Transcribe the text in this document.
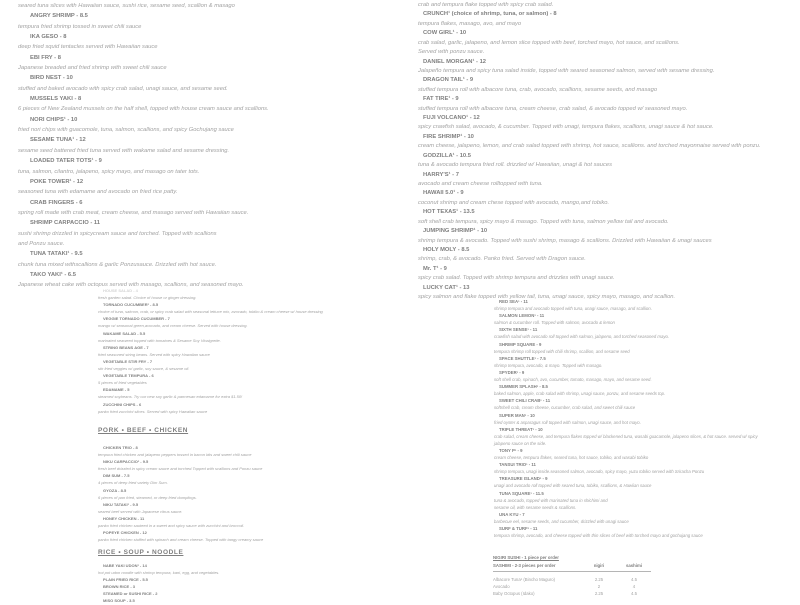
seared tuna slices with Hawaiian sauce, sushi rice, sesame seed, scallion & masago
ANGRY SHRIMP - 8.5
tempura fried shrimp tossed in sweet chili sauce
IKA GESO - 8
deep fried squid tentacles served with Hawaiian sauce
EBI FRY - 8
Japanese breaded and fried shrimp with sweet chili sauce
BIRD NEST - 10
stuffed and baked avocado with spicy crab salad, unagi sauce, and sesame seed.
MUSSELS YAKI - 8
6 pieces of New Zealand mussels on the half shell, topped with house cream sauce and scallions.
NORI CHIPS¹ - 10
fried nori chips with guacomole, tuna, salmon, scallions, and spicy Gochujang sauce
SESAME TUNA¹ - 12
sesame seed battered fried tuna served with wakame salad and sesame dressing.
LOADED TATER TOTS¹ - 9
tuna, salmon, cilantro, jalapeno, spicy mayo, and masago on tater tots.
POKE TOWER¹ - 12
seasoned tuna with edamame and avocado on fried rice patty.
CRAB FINGERS - 6
spring roll made with crab meat, cream cheese, and masago served with Hawaiian sauce.
SHRIMP CARPACCIO - 11
sushi shrimp drizzled in spicycream sauce and torched. Topped with scallions
and Ponzu sauce.
TUNA TATAKI¹ - 9.5
chunk tuna mixed withscallions & garlic Ponzusauce. Drizzled with hot sauce.
TAKO YAKI¹ - 6.5
Japanese wheat cake with octopus served with masago, scallions, and seasoned mayo.
HOUSE SALAD - 4
fresh garden salad. Choice of house or ginger dressing.
TORNADO CUCUMBER¹ - 8.5
choice of tuna, salmon, crab, or spicy crab salad with seasonal lettuce mix, avocado, tobiko & cream cheese w/ house dressing
VEGGIE TORNADO CUCUMBER - 7
mango w/ seasonal green,avocado, and cream cheese. Served with house dressing.
WAKAME SALAD - 5.5
marinated seaweed topped with tomatoes & Sesame Soy Vinaigrette.
STRING BEANS AGE - 7
fried seasoned string beans. Served with spicy Hawaiian sauce
VEGETABLE STIR FRY - 7
stir fried veggies w/ garlic, soy sauce, & sesame oil.
VEGETABLE TEMPURA - 6
5 pieces of fried vegetables
EDAMAME - 5
steamed soybeans. Try our new soy garlic & parmesan edamame for extra $1.50!
ZUCCHINI CHIPS - 6
panko fried zucchini slices. Served with spicy Hawaiian sauce
PORK • BEEF • CHICKEN
CHICKEN TRIO - 8
tempura fried chicken and jalapeno peppers tossed in bacon bits and sweet chili sauce
NIKU CARPACCIO¹ - 9.5
fresh beef drizzled in spicy cream sauce and torched.Topped with scallions and Ponzu sauce
DIM SUM - 7.5
4 pieces of deep fried variety Dim Sum.
GYOZA - 8.5
6 pieces of pan fried, steamed, or deep fried dumplings.
NIKU TATAKI¹ - 9.5
seared beef served with Japanese citrus sauce.
HONEY CHICKEN - 11
panko fried chicken sauteed in a sweet and spicy sauce with zucchini and broccoli.
POPEYE CHICKEN - 12
panko fried chicken stuffed with spinach and cream cheese. Topped with tangy creamy sauce
RICE • SOUP • NOODLE
NABE YAKI UDON¹ - 14
hot pot udon noodle with shrimp tempura, kani, egg, and vegetables.
PLAIN FRIED RICE - 5.5
BROWN RICE - 3
STEAMED or SUSHI RICE - 2
MISO SOUP - 3.5
crab and tempura flake topped with spicy crab salad.
CRUNCH¹ (choice of shrimp, tuna, or salmon) - 8
tempura flakes, masago, avo, and mayo
COW GIRL¹ - 10
crab salad, garlic, jalapeno, and lemon slice topped with beef, torched mayo, hot sauce, and scallions.
Served with ponzu sauce.
DANIEL MORGAN¹ - 12
Jalapeño tempura and spicy tuna salad inside, topped with seared seasoned salmon, served with sesame dressing.
DRAGON TAIL¹ - 9
stuffed tempura roll with albacore tuna, crab, avocado, scallions, sesame seeds, and masago
FAT TIRE¹ - 9
stuffed tempura roll with albacore tuna, cream cheese, crab salad, & avocado topped w/ seasoned mayo.
FUJI VOLCANO¹ - 12
spicy crawfish salad, avocado, & cucumber. Topped with unagi, tempura flakes, scallions, unagi sauce & hot sauce.
FIRE SHRIMP¹ - 10
cream cheese, jalapeno, lemon, and crab salad topped with shrimp, hot sauce, scallions. and torched mayonnaise served with ponzu.
GODZILLA¹ - 10.5
tuna & avocado tempura fried roll. drizzled w/ Hawaiian, unagi & hot sauces
HARRY'S¹ - 7
avocado and cream cheese rolltopped with tuna.
HAWAII 5.0¹ - 9
coconut shrimp and cream chese topped with avocado, mango,and tobiko.
HOT TEXAS¹ - 13.5
soft shell crab tempura, spicy mayo & masago. Topped with tuna, salmon yellow tail and avocado.
JUMPING SHRIMP¹ - 10
shrimp tempura & avocado. Topped with sushi shrimp, masago & scallions. Drizzled with Hawaiian & unagi sauces
HOLY MOLY - 8.5
shrimp, crab, & avocado. Panko fried. Served with Dragon sauce.
Mr. T¹ - 9
spicy crab salad. Topped with shrimp tempura and drizzles with unagi sauce.
LUCKY CAT¹ - 13
spicy salmon and flake topped with yellow tail, tuna, unagi sauce, spicy mayo, masago, and scallion.
RED SEA¹ - 11
shrimp tempura and avocado topped with tuna, unagi sauce, masago, and scallion.
SALMON LEMON¹ - 11
salmon & cucumber roll. Topped with salmon, avocado & lemon
SIXTH SENSE¹ - 11
crawfish salad with avocado roll topped with salmon, jalapeno, and torched seasoned mayo.
SHRIMP SQUARE - 9
tempura shrimp roll topped with chili shrimp, scallion, and sesame seed
SPACE SHUTTLE¹ - 7.5
shrimp tempura, avocado, & mayo. Topped with masago.
SPYDER¹ - 9
soft shell crab, spinach, avo, cucumber, tomato, masago, mayo, and sesame seed.
SUMMER SPLASH¹ - 8.5
baked salmon, apple, crab salad with shrimp, unagi sauce, ponzu, and sesame seeds top.
SWEET CHILI CRAB¹ - 11
softshell crab, cream cheese, cucumber, crab salad, and sweet chili sauce
SUPER MAN¹ - 10
fried oyster & asparagus roll topped with salmon, unagi sauce, and hot mayo.
TRIPLE THREAT¹ - 10
crab salad, cream cheese, and tempura flakes topped w/ blackened tuna, wasabi guacamole, jalapeno slices, & hot sauce. served w/ spicy
jalapeno sauce on the side.
TONY P¹ - 9
cream cheese, tempura flakes, seared tuna, hot sauce, tobiko, and wasabi tobiko
TANSUI TRIO¹ - 11
shrimp tempura, unagi inside.seasoned salmon, avocado, spicy mayo, yuzu tobiko served with Sriracha Ponzu
TREASURE ISLAND¹ - 9
unagi and avocado roll topped with seared tuna, tobiko, scallions, & Hawiian sauce
TUNA SQUARE¹ - 11.5
tuna & avocado, topped with marinated tuna in shichimi and
sesame oil, with sesame seeds & scallions.
UNA KYU - 7
barbecue eel, sesame seeds, and cucumber, drizzled with unagi sauce
SURF & TURF¹ - 11
tempura shrimp, avocado, and cheese topped with thin slices of beef with torched mayo and gochujang sauce
NIGIRI SUSHI - 1 piece per order
SASHIMI - 2-3 pieces per order	nigiri	sashimi
Albacore Tuna¹ (Bincho Maguro)	2.25	4.5
Avocado	2	4
Baby Octopus (Idako)	2.25	4.5
